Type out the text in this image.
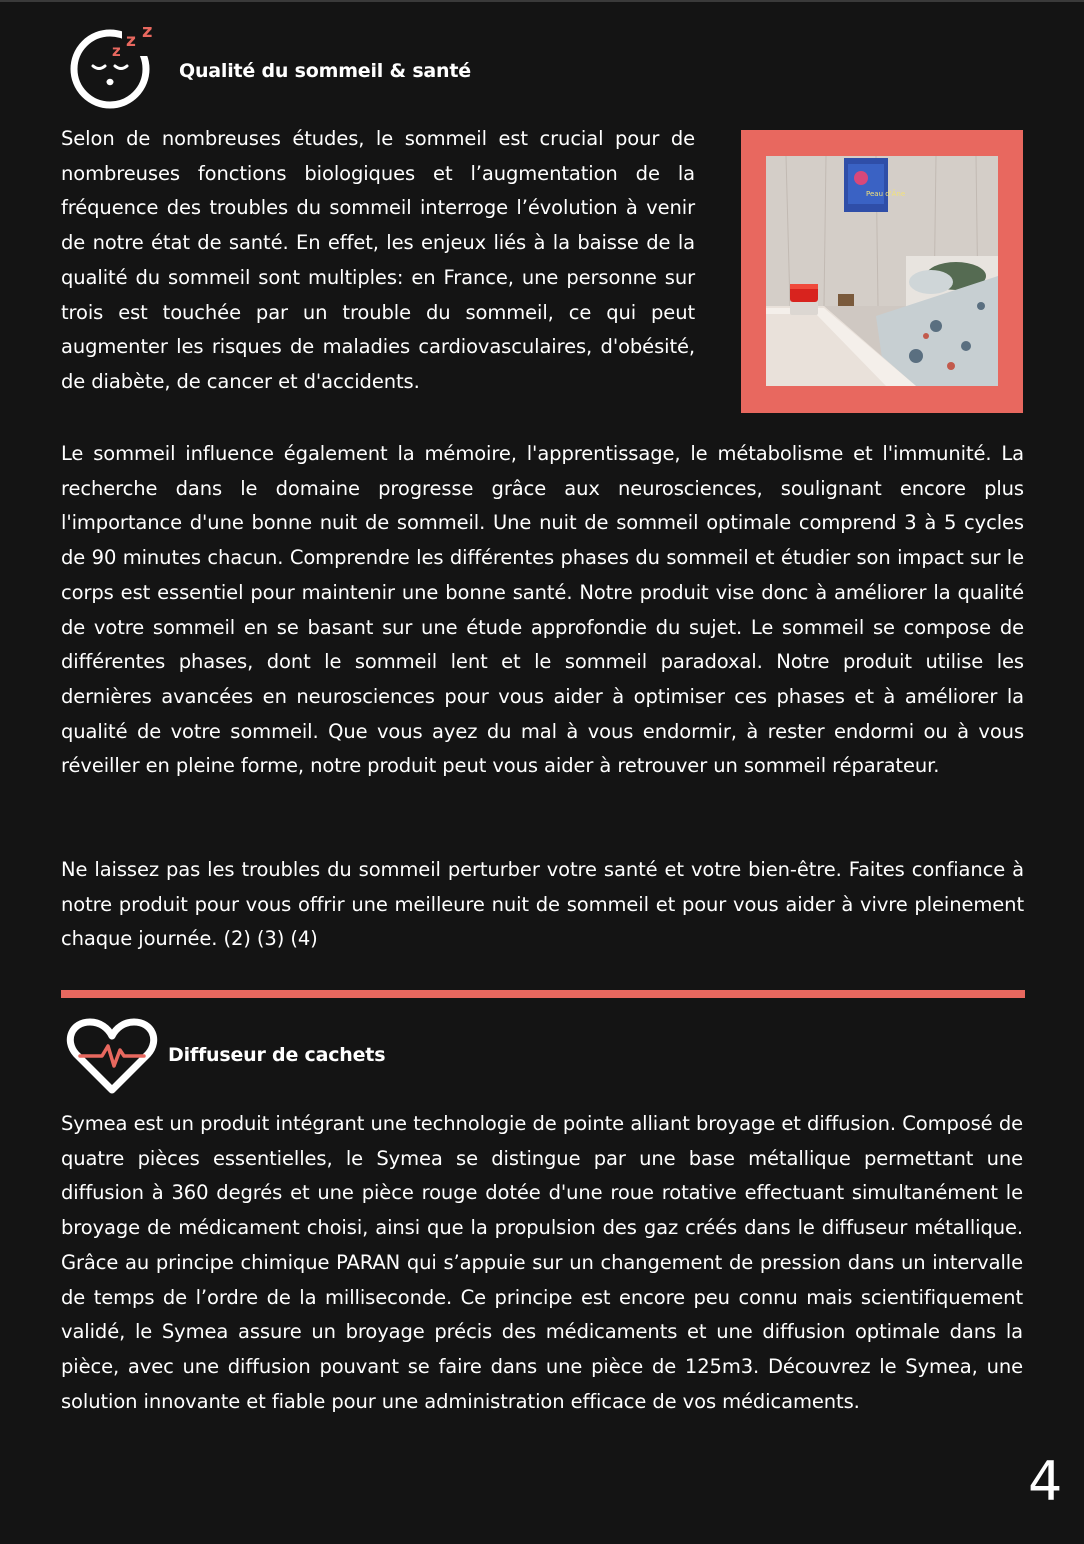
z z z
Qualité du sommeil & santé

Selon de nombreuses études, le sommeil est crucial pour de nombreuses fonctions biologiques et l’augmentation de la fréquence des troubles du sommeil interroge l’évolution à venir de notre état de santé. En effet, les enjeux liés à la baisse de la qualité du sommeil sont multiples: en France, une personne sur trois est touchée par un trouble du sommeil, ce qui peut augmenter les risques de maladies cardiovasculaires, d'obésité, de diabète, de cancer et d'accidents.

Peau d'Âne

Le sommeil influence également la mémoire, l'apprentissage, le métabolisme et l'immunité. La recherche dans le domaine progresse grâce aux neurosciences, soulignant encore plus l'importance d'une bonne nuit de sommeil. Une nuit de sommeil optimale comprend 3 à 5 cycles de 90 minutes chacun. Comprendre les différentes phases du sommeil et étudier son impact sur le corps est essentiel pour maintenir une bonne santé. Notre produit vise donc à améliorer la qualité de votre sommeil en se basant sur une étude approfondie du sujet. Le sommeil se compose de différentes phases, dont le sommeil lent et le sommeil paradoxal. Notre produit utilise les dernières avancées en neurosciences pour vous aider à optimiser ces phases et à améliorer la qualité de votre sommeil. Que vous ayez du mal à vous endormir, à rester endormi ou à vous réveiller en pleine forme, notre produit peut vous aider à retrouver un sommeil réparateur.

Ne laissez pas les troubles du sommeil perturber votre santé et votre bien-être. Faites confiance à notre produit pour vous offrir une meilleure nuit de sommeil et pour vous aider à vivre pleinement chaque journée. (2) (3) (4)

Diffuseur de cachets

Symea est un produit intégrant une technologie de pointe alliant broyage et diffusion. Composé de quatre pièces essentielles, le Symea se distingue par une base métallique permettant une diffusion à 360 degrés et une pièce rouge dotée d'une roue rotative effectuant simultanément le broyage de médicament choisi, ainsi que la propulsion des gaz créés dans le diffuseur métallique. Grâce au principe chimique PARAN qui s’appuie sur un changement de pression dans un intervalle de temps de l’ordre de la milliseconde. Ce principe est encore peu connu mais scientifiquement validé, le Symea assure un broyage précis des médicaments et une diffusion optimale dans la pièce, avec une diffusion pouvant se faire dans une pièce de 125m3. Découvrez le Symea, une solution innovante et fiable pour une administration efficace de vos médicaments.

4
